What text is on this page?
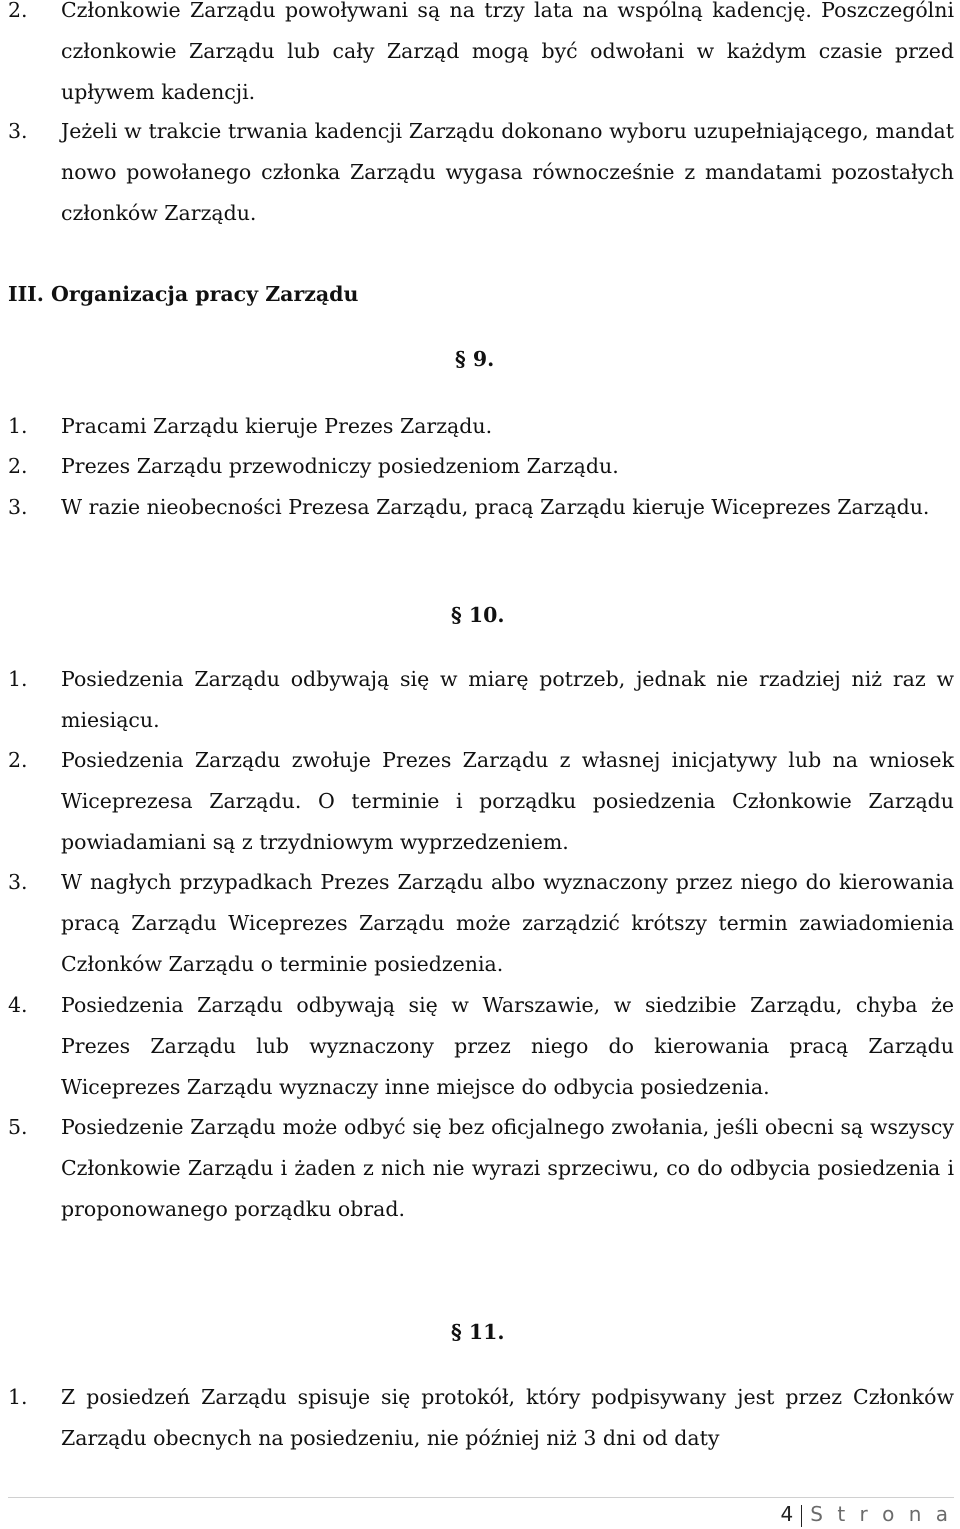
2. Członkowie Zarządu powoływani są na trzy lata na wspólną kadencję. Poszczególni członkowie Zarządu lub cały Zarząd mogą być odwołani w każdym czasie przed upływem kadencji.
3. Jeżeli w trakcie trwania kadencji Zarządu dokonano wyboru uzupełniającego, mandat nowo powołanego członka Zarządu wygasa równocześnie z mandatami pozostałych członków Zarządu.
III. Organizacja pracy Zarządu
§ 9.
1. Pracami Zarządu kieruje Prezes Zarządu.
2. Prezes Zarządu przewodniczy posiedzeniom Zarządu.
3. W razie nieobecności Prezesa Zarządu, pracą Zarządu kieruje Wiceprezes Zarządu.
§ 10.
1. Posiedzenia Zarządu odbywają się w miarę potrzeb, jednak nie rzadziej niż raz w miesiącu.
2. Posiedzenia Zarządu zwołuje Prezes Zarządu z własnej inicjatywy lub na wniosek Wiceprezesa Zarządu. O terminie i porządku posiedzenia Członkowie Zarządu powiadamiani są z trzydniowym wyprzedzeniem.
3. W nagłych przypadkach Prezes Zarządu albo wyznaczony przez niego do kierowania pracą Zarządu Wiceprezes Zarządu może zarządzić krótszy termin zawiadomienia Członków Zarządu o terminie posiedzenia.
4. Posiedzenia Zarządu odbywają się w Warszawie, w siedzibie Zarządu, chyba że Prezes Zarządu lub wyznaczony przez niego do kierowania pracą Zarządu Wiceprezes Zarządu wyznaczy inne miejsce do odbycia posiedzenia.
5. Posiedzenie Zarządu może odbyć się bez oficjalnego zwołania, jeśli obecni są wszyscy Członkowie Zarządu i żaden z nich nie wyrazi sprzeciwu, co do odbycia posiedzenia i proponowanego porządku obrad.
§ 11.
1. Z posiedzeń Zarządu spisuje się protokół, który podpisywany jest przez Członków Zarządu obecnych na posiedzeniu, nie później niż 3 dni od daty
4 S t r o n a
